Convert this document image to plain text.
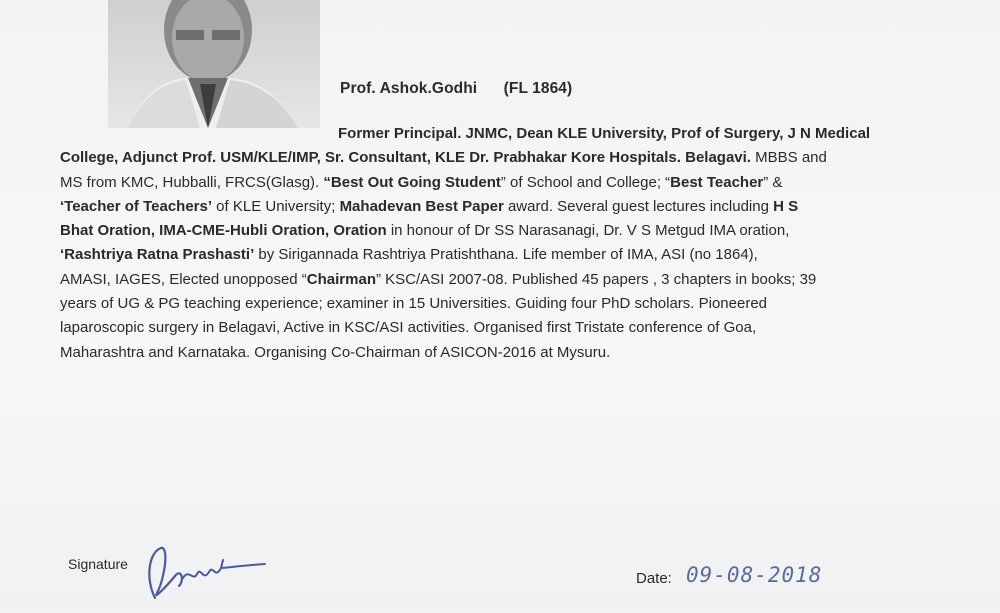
Prof. Ashok.Godhi (FL 1864)
Former Principal. JNMC, Dean KLE University, Prof of Surgery, J N Medical
College, Adjunct Prof. USM/KLE/IMP, Sr. Consultant, KLE Dr. Prabhakar Kore Hospitals. Belagavi. MBBS and
MS from KMC, Hubballi, FRCS(Glasg). “Best Out Going Student” of School and College; “Best Teacher” &
‘Teacher of Teachers’ of KLE University; Mahadevan Best Paper award. Several guest lectures including H S
Bhat Oration, IMA-CME-Hubli Oration, Oration in honour of Dr SS Narasanagi, Dr. V S Metgud IMA oration,
‘Rashtriya Ratna Prashasti’ by Sirigannada Rashtriya Pratishthana. Life member of IMA, ASI (no 1864),
AMASI, IAGES, Elected unopposed “Chairman” KSC/ASI 2007-08. Published 45 papers , 3 chapters in books; 39
years of UG & PG teaching experience; examiner in 15 Universities. Guiding four PhD scholars. Pioneered
laparoscopic surgery in Belagavi, Active in KSC/ASI activities. Organised first Tristate conference of Goa,
Maharashtra and Karnataka. Organising Co-Chairman of ASICON-2016 at Mysuru.
Signature
Date: 09-08-2018
